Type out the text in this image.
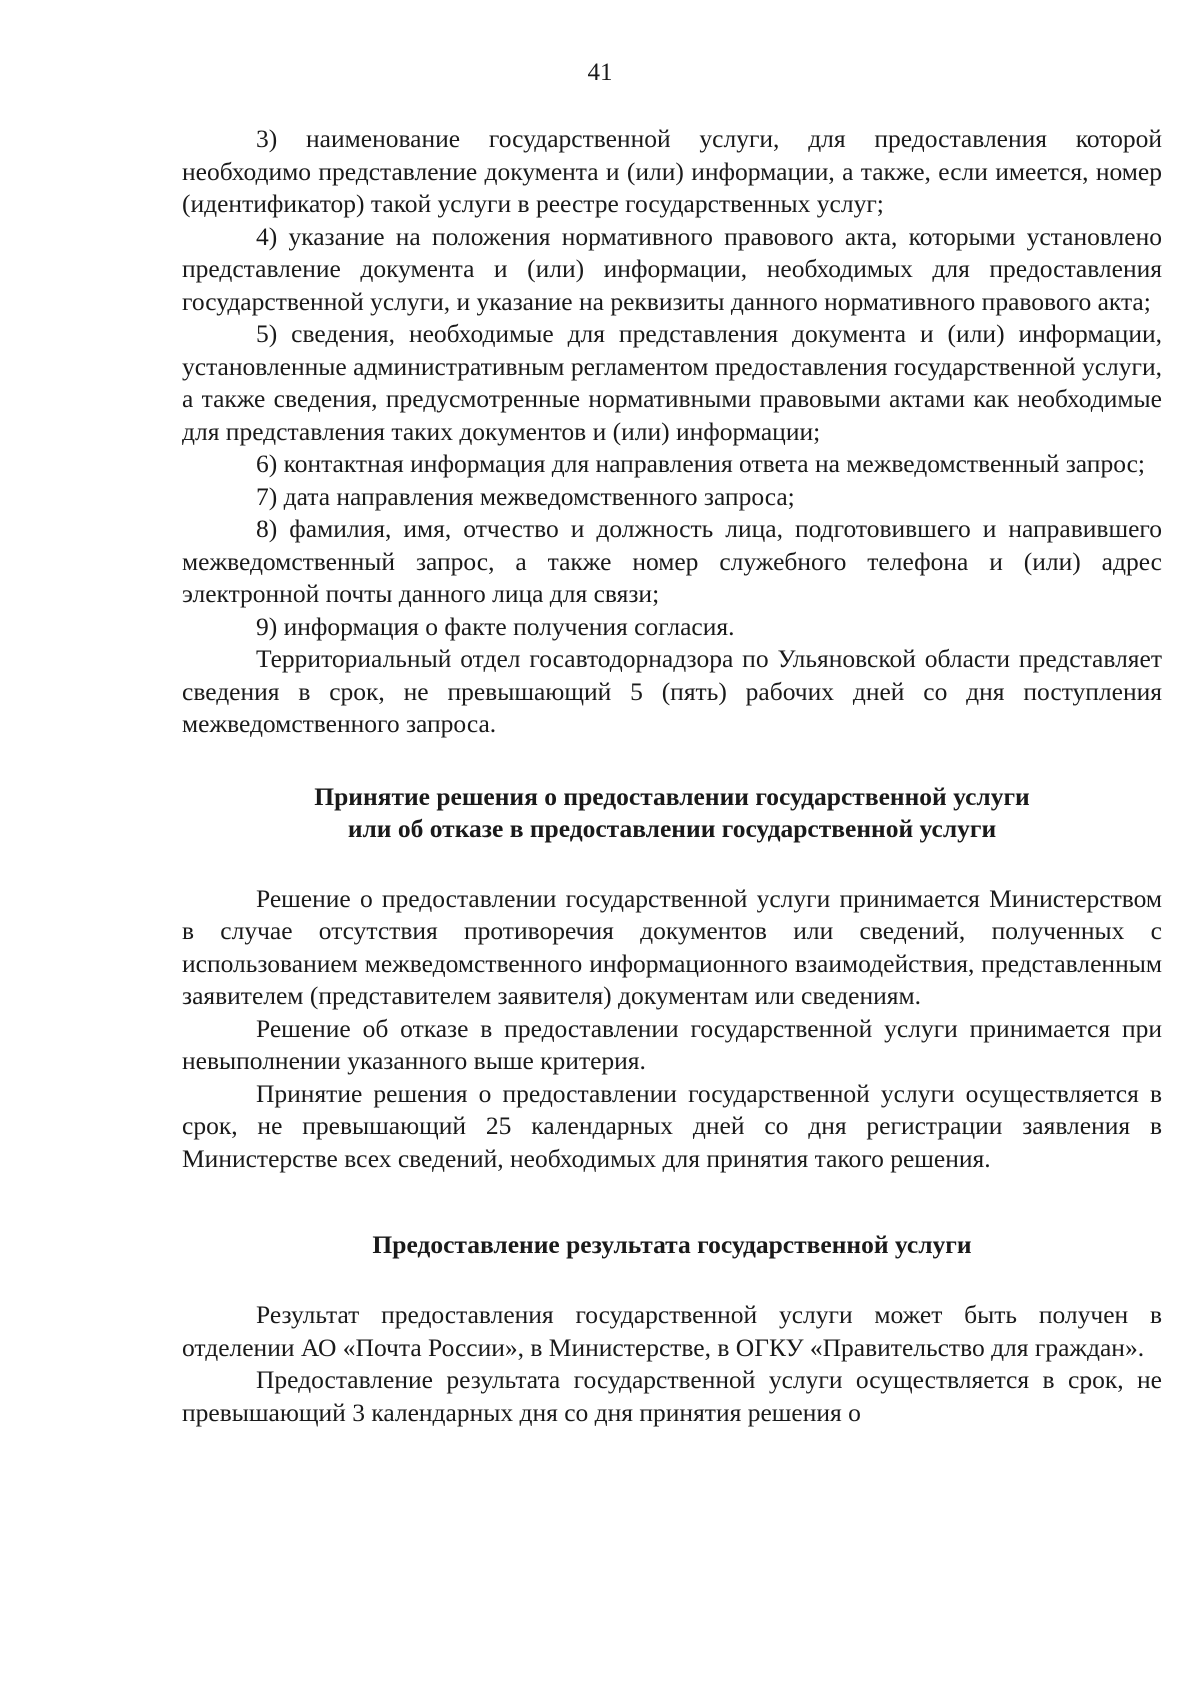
41

3) наименование государственной услуги, для предоставления которой необходимо представление документа и (или) информации, а также, если имеется, номер (идентификатор) такой услуги в реестре государственных услуг;

4) указание на положения нормативного правового акта, которыми установлено представление документа и (или) информации, необходимых для предоставления государственной услуги, и указание на реквизиты данного нормативного правового акта;

5) сведения, необходимые для представления документа и (или) информации, установленные административным регламентом предоставления государственной услуги, а также сведения, предусмотренные нормативными правовыми актами как необходимые для представления таких документов и (или) информации;

6) контактная информация для направления ответа на межведомственный запрос;

7) дата направления межведомственного запроса;

8) фамилия, имя, отчество и должность лица, подготовившего и направившего межведомственный запрос, а также номер служебного телефона и (или) адрес электронной почты данного лица для связи;

9) информация о факте получения согласия.

Территориальный отдел госавтодорнадзора по Ульяновской области представляет сведения в срок, не превышающий 5 (пять) рабочих дней со дня поступления межведомственного запроса.

Принятие решения о предоставлении государственной услуги
или об отказе в предоставлении государственной услуги

Решение о предоставлении государственной услуги принимается Министерством в случае отсутствия противоречия документов или сведений, полученных с использованием межведомственного информационного взаимодействия, представленным заявителем (представителем заявителя) документам или сведениям.

Решение об отказе в предоставлении государственной услуги принимается при невыполнении указанного выше критерия.

Принятие решения о предоставлении государственной услуги осуществляется в срок, не превышающий 25 календарных дней со дня регистрации заявления в Министерстве всех сведений, необходимых для принятия такого решения.

Предоставление результата государственной услуги

Результат предоставления государственной услуги может быть получен в отделении АО «Почта России», в Министерстве, в ОГКУ «Правительство для граждан».

Предоставление результата государственной услуги осуществляется в срок, не превышающий 3 календарных дня со дня принятия решения о
